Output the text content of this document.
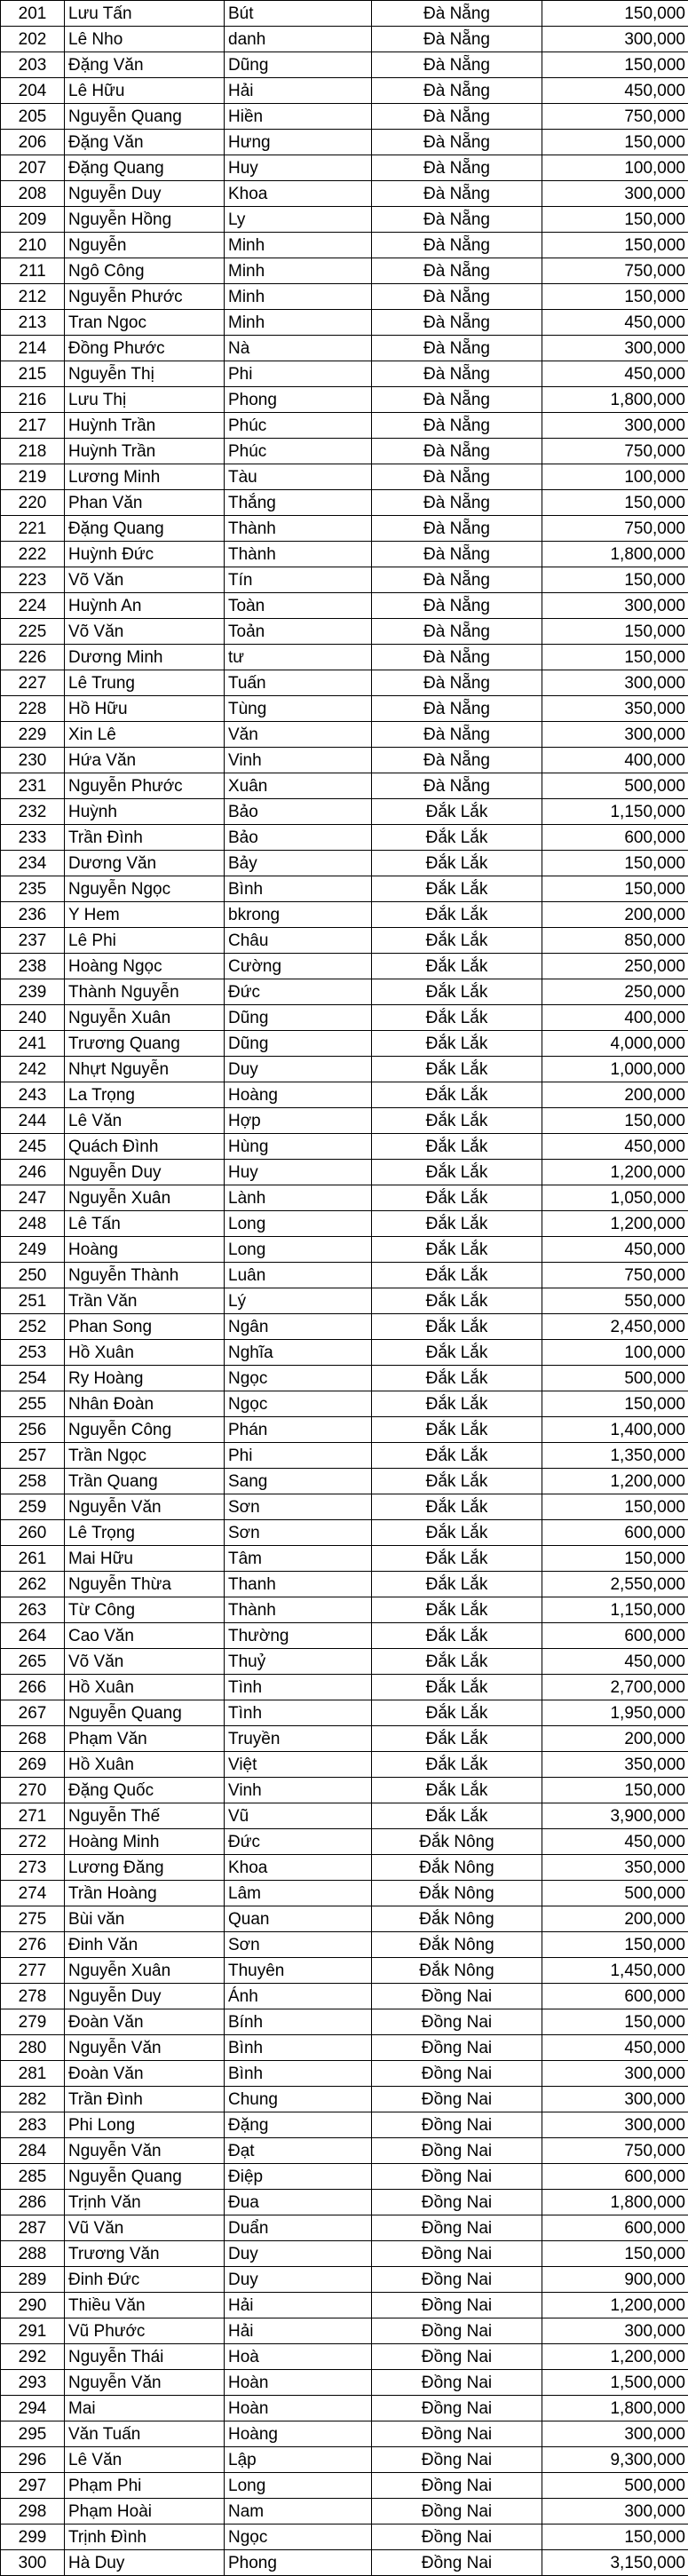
201	Lưu Tấn	Bút	Đà Nẵng	150,000
202	Lê Nho	danh	Đà Nẵng	300,000
203	Đặng Văn	Dũng	Đà Nẵng	150,000
204	Lê Hữu	Hải	Đà Nẵng	450,000
205	Nguyễn Quang	Hiền	Đà Nẵng	750,000
206	Đặng Văn	Hưng	Đà Nẵng	150,000
207	Đặng Quang	Huy	Đà Nẵng	100,000
208	Nguyễn Duy	Khoa	Đà Nẵng	300,000
209	Nguyễn Hồng	Ly	Đà Nẵng	150,000
210	Nguyễn	Minh	Đà Nẵng	150,000
211	Ngô Công	Minh	Đà Nẵng	750,000
212	Nguyễn Phước	Minh	Đà Nẵng	150,000
213	Tran Ngoc	Minh	Đà Nẵng	450,000
214	Đồng Phước	Nà	Đà Nẵng	300,000
215	Nguyễn Thị	Phi	Đà Nẵng	450,000
216	Lưu Thị	Phong	Đà Nẵng	1,800,000
217	Huỳnh Trần	Phúc	Đà Nẵng	300,000
218	Huỳnh Trần	Phúc	Đà Nẵng	750,000
219	Lương Minh	Tàu	Đà Nẵng	100,000
220	Phan Văn	Thắng	Đà Nẵng	150,000
221	Đặng Quang	Thành	Đà Nẵng	750,000
222	Huỳnh Đức	Thành	Đà Nẵng	1,800,000
223	Võ Văn	Tín	Đà Nẵng	150,000
224	Huỳnh An	Toàn	Đà Nẵng	300,000
225	Võ Văn	Toản	Đà Nẵng	150,000
226	Dương Minh	tư	Đà Nẵng	150,000
227	Lê Trung	Tuấn	Đà Nẵng	300,000
228	Hồ Hữu	Tùng	Đà Nẵng	350,000
229	Xin Lê	Văn	Đà Nẵng	300,000
230	Hứa Văn	Vinh	Đà Nẵng	400,000
231	Nguyễn Phước	Xuân	Đà Nẵng	500,000
232	Huỳnh	Bảo	Đắk Lắk	1,150,000
233	Trần Đình	Bảo	Đắk Lắk	600,000
234	Dương Văn	Bảy	Đắk Lắk	150,000
235	Nguyễn Ngọc	Bình	Đắk Lắk	150,000
236	Y Hem	bkrong	Đắk Lắk	200,000
237	Lê Phi	Châu	Đắk Lắk	850,000
238	Hoàng Ngọc	Cường	Đắk Lắk	250,000
239	Thành Nguyễn	Đức	Đắk Lắk	250,000
240	Nguyễn Xuân	Dũng	Đắk Lắk	400,000
241	Trương Quang	Dũng	Đắk Lắk	4,000,000
242	Nhựt Nguyễn	Duy	Đắk Lắk	1,000,000
243	La Trọng	Hoàng	Đắk Lắk	200,000
244	Lê Văn	Hợp	Đắk Lắk	150,000
245	Quách Đình	Hùng	Đắk Lắk	450,000
246	Nguyễn Duy	Huy	Đắk Lắk	1,200,000
247	Nguyễn Xuân	Lành	Đắk Lắk	1,050,000
248	Lê Tấn	Long	Đắk Lắk	1,200,000
249	Hoàng	Long	Đắk Lắk	450,000
250	Nguyễn Thành	Luân	Đắk Lắk	750,000
251	Trần Văn	Lý	Đắk Lắk	550,000
252	Phan Song	Ngân	Đắk Lắk	2,450,000
253	Hồ Xuân	Nghĩa	Đắk Lắk	100,000
254	Ry Hoàng	Ngọc	Đắk Lắk	500,000
255	Nhân Đoàn	Ngọc	Đắk Lắk	150,000
256	Nguyễn Công	Phán	Đắk Lắk	1,400,000
257	Trần Ngọc	Phi	Đắk Lắk	1,350,000
258	Trần Quang	Sang	Đắk Lắk	1,200,000
259	Nguyễn Văn	Sơn	Đắk Lắk	150,000
260	Lê Trọng	Sơn	Đắk Lắk	600,000
261	Mai Hữu	Tâm	Đắk Lắk	150,000
262	Nguyễn Thừa	Thanh	Đắk Lắk	2,550,000
263	Từ Công	Thành	Đắk Lắk	1,150,000
264	Cao Văn	Thường	Đắk Lắk	600,000
265	Võ Văn	Thuỷ	Đắk Lắk	450,000
266	Hồ Xuân	Tình	Đắk Lắk	2,700,000
267	Nguyễn Quang	Tình	Đắk Lắk	1,950,000
268	Phạm Văn	Truyền	Đắk Lắk	200,000
269	Hồ Xuân	Việt	Đắk Lắk	350,000
270	Đặng Quốc	Vinh	Đắk Lắk	150,000
271	Nguyễn Thế	Vũ	Đắk Lắk	3,900,000
272	Hoàng Minh	Đức	Đắk Nông	450,000
273	Lương Đăng	Khoa	Đắk Nông	350,000
274	Trần Hoàng	Lâm	Đắk Nông	500,000
275	Bùi văn	Quan	Đắk Nông	200,000
276	Đinh Văn	Sơn	Đắk Nông	150,000
277	Nguyễn Xuân	Thuyên	Đắk Nông	1,450,000
278	Nguyễn Duy	Ánh	Đồng Nai	600,000
279	Đoàn Văn	Bính	Đồng Nai	150,000
280	Nguyễn Văn	Bình	Đồng Nai	450,000
281	Đoàn Văn	Bình	Đồng Nai	300,000
282	Trần Đình	Chung	Đồng Nai	300,000
283	Phi Long	Đặng	Đồng Nai	300,000
284	Nguyễn Văn	Đạt	Đồng Nai	750,000
285	Nguyễn Quang	Điệp	Đồng Nai	600,000
286	Trịnh Văn	Đua	Đồng Nai	1,800,000
287	Vũ Văn	Duẩn	Đồng Nai	600,000
288	Trương Văn	Duy	Đồng Nai	150,000
289	Đinh Đức	Duy	Đồng Nai	900,000
290	Thiều Văn	Hải	Đồng Nai	1,200,000
291	Vũ Phước	Hải	Đồng Nai	300,000
292	Nguyễn Thái	Hoà	Đồng Nai	1,200,000
293	Nguyễn Văn	Hoàn	Đồng Nai	1,500,000
294	Mai	Hoàn	Đồng Nai	1,800,000
295	Văn Tuấn	Hoàng	Đồng Nai	300,000
296	Lê Văn	Lập	Đồng Nai	9,300,000
297	Phạm Phi	Long	Đồng Nai	500,000
298	Phạm Hoài	Nam	Đồng Nai	300,000
299	Trịnh Đình	Ngọc	Đồng Nai	150,000
300	Hà Duy	Phong	Đồng Nai	3,150,000
